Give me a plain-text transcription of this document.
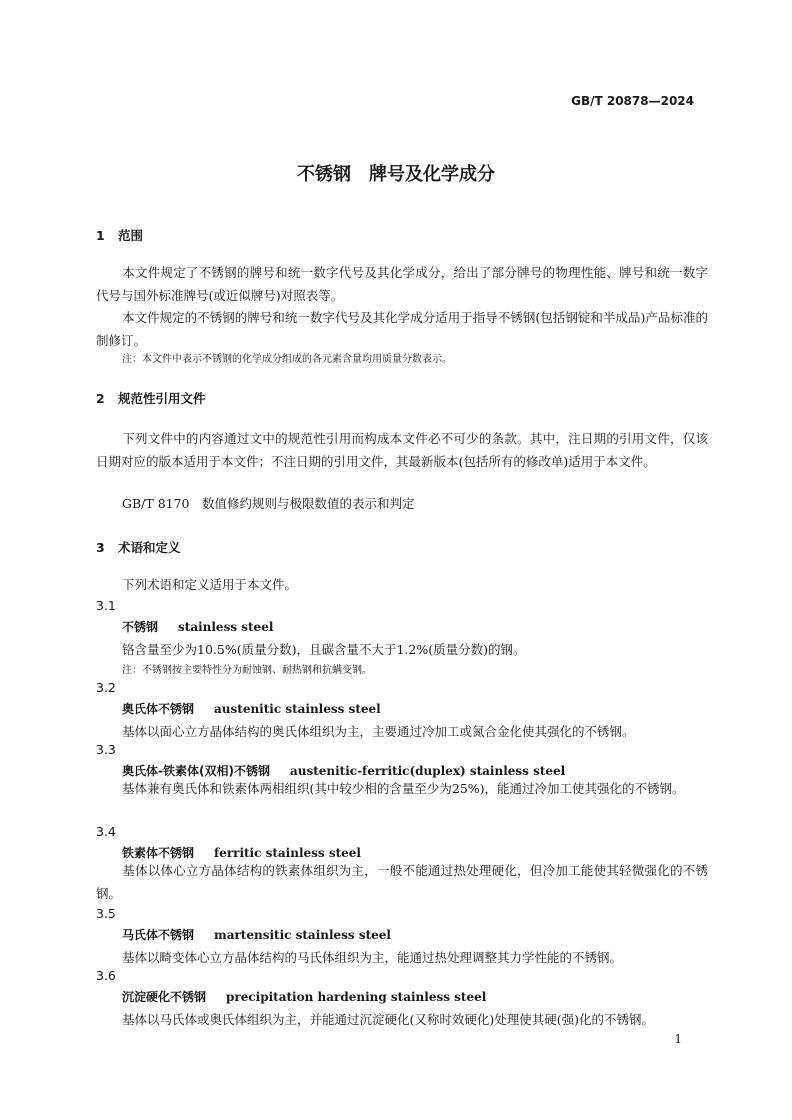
GB/T 20878—2024
不锈钢　牌号及化学成分
1 范围
本文件规定了不锈钢的牌号和统一数字代号及其化学成分，给出了部分牌号的物理性能、牌号和统一数字代号与国外标准牌号(或近似牌号)对照表等。
本文件规定的不锈钢的牌号和统一数字代号及其化学成分适用于指导不锈钢(包括钢锭和半成品)产品标准的制修订。
注：本文件中表示不锈钢的化学成分组成的各元素含量均用质量分数表示。
2 规范性引用文件
下列文件中的内容通过文中的规范性引用而构成本文件必不可少的条款。其中，注日期的引用文件，仅该日期对应的版本适用于本文件；不注日期的引用文件，其最新版本(包括所有的修改单)适用于本文件。
GB/T 8170　数值修约规则与极限数值的表示和判定
3 术语和定义
下列术语和定义适用于本文件。
3.1
不锈钢 stainless steel
铬含量至少为10.5%(质量分数)，且碳含量不大于1.2%(质量分数)的钢。
注：不锈钢按主要特性分为耐蚀钢、耐热钢和抗螨变钢。
3.2
奥氏体不锈钢 austenitic stainless steel
基体以面心立方晶体结构的奥氏体组织为主，主要通过冷加工或氮合金化使其强化的不锈钢。
3.3
奥氏体-铁素体(双相)不锈钢 austenitic-ferritic(duplex) stainless steel
基体兼有奥氏体和铁素体两相组织(其中较少相的含量至少为25%)，能通过冷加工使其强化的不锈钢。
3.4
铁素体不锈钢 ferritic stainless steel
基体以体心立方晶体结构的铁素体组织为主，一般不能通过热处理硬化，但冷加工能使其轻微强化的不锈钢。
3.5
马氏体不锈钢 martensitic stainless steel
基体以畸变体心立方晶体结构的马氏体组织为主，能通过热处理调整其力学性能的不锈钢。
3.6
沉淀硬化不锈钢 precipitation hardening stainless steel
基体以马氏体或奥氏体组织为主，并能通过沉淀硬化(又称时效硬化)处理使其硬(强)化的不锈钢。
1
